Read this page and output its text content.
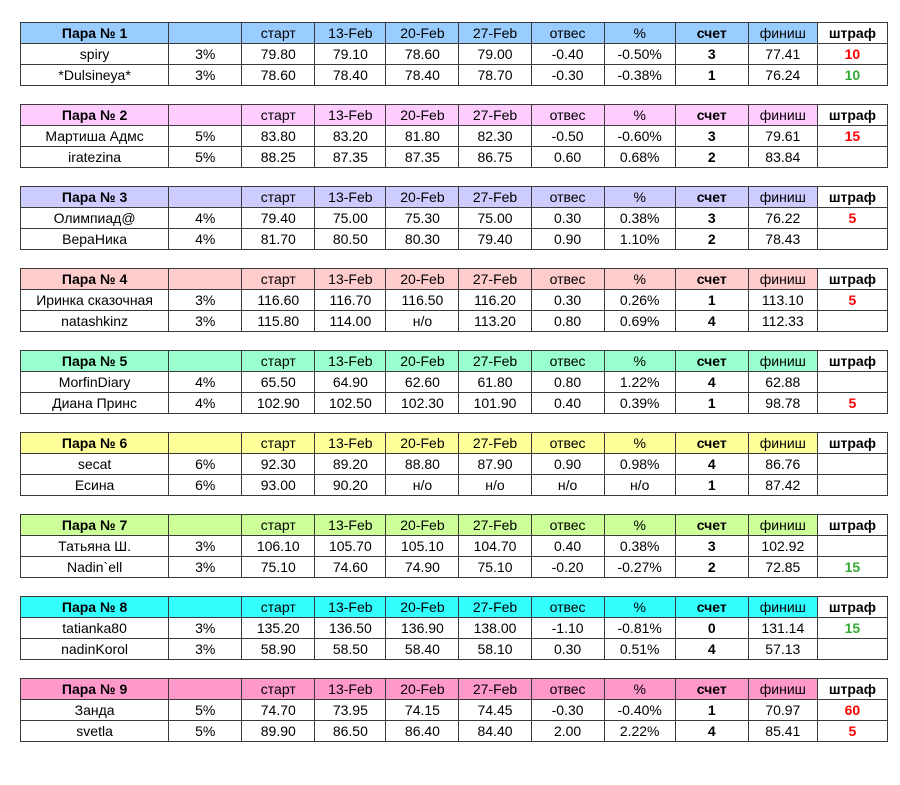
Пара № 1		старт	13-Feb	20-Feb	27-Feb	отвес	%	счет	финиш	штраф
spiry	3%	79.80	79.10	78.60	79.00	-0.40	-0.50%	3	77.41	10
*Dulsineya*	3%	78.60	78.40	78.40	78.70	-0.30	-0.38%	1	76.24	10
Пара № 2		старт	13-Feb	20-Feb	27-Feb	отвес	%	счет	финиш	штраф
Мартиша Адмс	5%	83.80	83.20	81.80	82.30	-0.50	-0.60%	3	79.61	15
iratezina	5%	88.25	87.35	87.35	86.75	0.60	0.68%	2	83.84	
Пара № 3		старт	13-Feb	20-Feb	27-Feb	отвес	%	счет	финиш	штраф
Олимпиад@	4%	79.40	75.00	75.30	75.00	0.30	0.38%	3	76.22	5
ВераНика	4%	81.70	80.50	80.30	79.40	0.90	1.10%	2	78.43	
Пара № 4		старт	13-Feb	20-Feb	27-Feb	отвес	%	счет	финиш	штраф
Иринка сказочная	3%	116.60	116.70	116.50	116.20	0.30	0.26%	1	113.10	5
natashkinz	3%	115.80	114.00	н/о	113.20	0.80	0.69%	4	112.33	
Пара № 5		старт	13-Feb	20-Feb	27-Feb	отвес	%	счет	финиш	штраф
MorfinDiary	4%	65.50	64.90	62.60	61.80	0.80	1.22%	4	62.88	
Диана Принс	4%	102.90	102.50	102.30	101.90	0.40	0.39%	1	98.78	5
Пара № 6		старт	13-Feb	20-Feb	27-Feb	отвес	%	счет	финиш	штраф
secat	6%	92.30	89.20	88.80	87.90	0.90	0.98%	4	86.76	
Есина	6%	93.00	90.20	н/о	н/о	н/о	н/о	1	87.42	
Пара № 7		старт	13-Feb	20-Feb	27-Feb	отвес	%	счет	финиш	штраф
Татьяна Ш.	3%	106.10	105.70	105.10	104.70	0.40	0.38%	3	102.92	
Nadin`ell	3%	75.10	74.60	74.90	75.10	-0.20	-0.27%	2	72.85	15
Пара № 8		старт	13-Feb	20-Feb	27-Feb	отвес	%	счет	финиш	штраф
tatianka80	3%	135.20	136.50	136.90	138.00	-1.10	-0.81%	0	131.14	15
nadinKorol	3%	58.90	58.50	58.40	58.10	0.30	0.51%	4	57.13	
Пара № 9		старт	13-Feb	20-Feb	27-Feb	отвес	%	счет	финиш	штраф
Занда	5%	74.70	73.95	74.15	74.45	-0.30	-0.40%	1	70.97	60
svetla	5%	89.90	86.50	86.40	84.40	2.00	2.22%	4	85.41	5
